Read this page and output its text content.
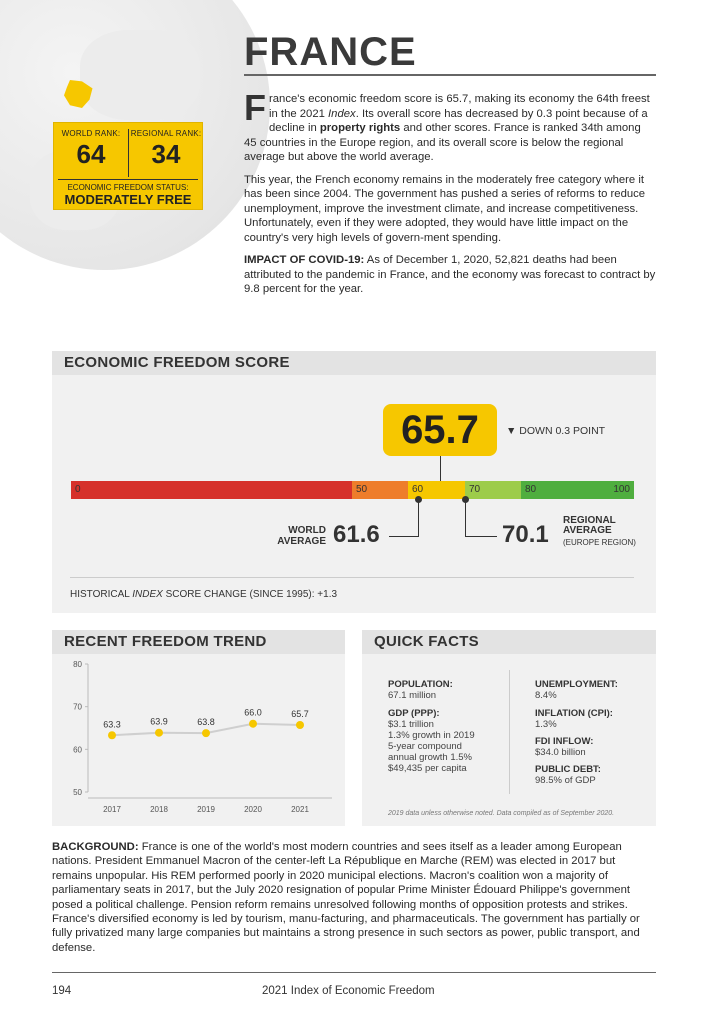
WORLD RANK:
64
REGIONAL RANK:
34
ECONOMIC FREEDOM STATUS:
MODERATELY FREE
FRANCE

France's economic freedom score is 65.7, making its economy the 64th freest in the 2021 Index. Its overall score has decreased by 0.3 point because of a decline in property rights and other scores. France is ranked 34th among 45 countries in the Europe region, and its overall score is below the regional average but above the world average.

This year, the French economy remains in the moderately free category where it has been since 2004. The government has pushed a series of reforms to reduce unemployment, improve the investment climate, and increase competitiveness. Unfortunately, even if they were adopted, they would have little impact on the country's very high levels of govern-ment spending.

IMPACT OF COVID-19: As of December 1, 2020, 52,821 deaths had been attributed to the pandemic in France, and the economy was forecast to contract by 9.8 percent for the year.

ECONOMIC FREEDOM SCORE
65.7	▼ DOWN 0.3 POINT
0	50	60	70	80	100
WORLD
AVERAGE 61.6	70.1
REGIONAL
AVERAGE
(EUROPE REGION)
HISTORICAL INDEX SCORE CHANGE (SINCE 1995): +1.3
RECENT FREEDOM TREND
50
60
70
80
63.3
2017
63.9
2018
63.8
2019
66.0
2020
65.7
2021
QUICK FACTS
POPULATION:
67.1 million
GDP (PPP):
$3.1 trillion
1.3% growth in 2019
5-year compound
annual growth 1.5%
$49,435 per capita
UNEMPLOYMENT:
8.4%
INFLATION (CPI):
1.3%
FDI INFLOW:
$34.0 billion
PUBLIC DEBT:
98.5% of GDP
2019 data unless otherwise noted. Data compiled as of September 2020.
BACKGROUND: France is one of the world's most modern countries and sees itself as a leader among European nations. President Emmanuel Macron of the center-left La République en Marche (REM) was elected in 2017 but remains unpopular. His REM performed poorly in 2020 municipal elections. Macron's coalition won a majority of parliamentary seats in 2017, but the July 2020 resignation of popular Prime Minister Édouard Philippe's government posed a political challenge. Pension reform remains unresolved following months of opposition protests and strikes. France's diversified economy is led by tourism, manu-facturing, and pharmaceuticals. The government has partially or fully privatized many large companies but maintains a strong presence in such sectors as power, public transport, and defense.
194	2021 Index of Economic Freedom
